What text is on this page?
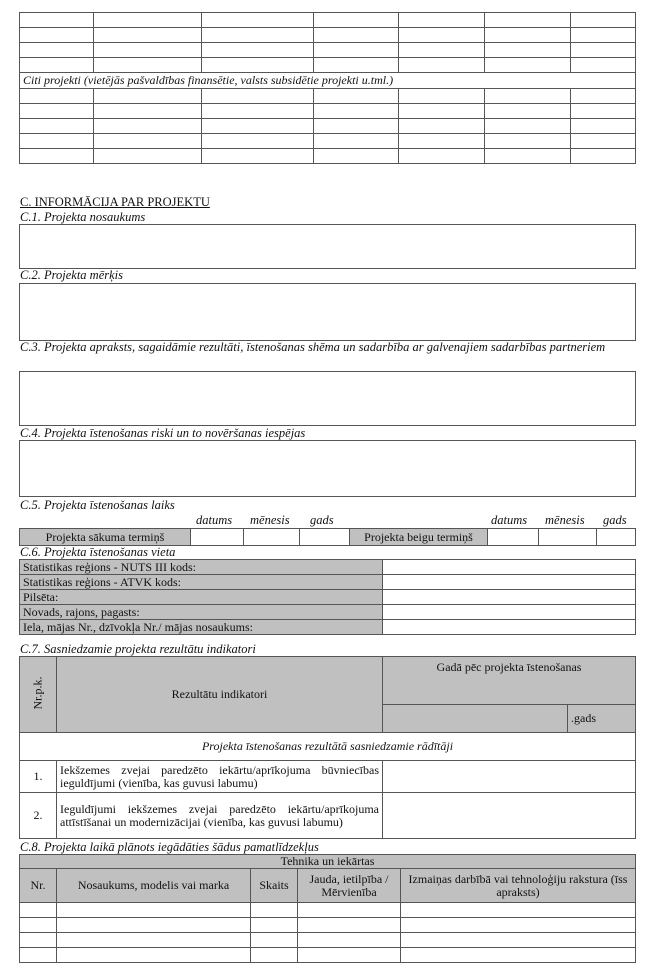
Citi projekti (vietējās pašvaldības finansētie, valsts subsidētie projekti u.tml.)						

C. INFORMĀCIJA PAR PROJEKTU
C.1. Projekta nosaukums
C.2. Projekta mērķis
C.3. Projekta apraksts, sagaidāmie rezultāti, īstenošanas shēma un sadarbība ar galvenajiem sadarbības partneriem
C.4. Projekta īstenošanas riski un to novēršanas iespējas
C.5. Projekta īstenošanas laiks
datums mēnesis gads	datums mēnesis gads
Projekta sākuma termiņš				Projekta beigu termiņš			
C.6. Projekta īstenošanas vieta
Statistikas reģions - NUTS III kods:	
Statistikas reģions - ATVK kods:	
Pilsēta:	
Novads, rajons, pagasts:	
Iela, mājas Nr., dzīvokļa Nr./ mājas nosaukums:	
C.7. Sasniedzamie projekta rezultātu indikatori
Nr.p.k.	Rezultātu indikatori	Gadā pēc projekta īstenošanas	
			.gads
Projekta īstenošanas rezultātā sasniedzamie rādītāji			
1.	Iekšzemes zvejai paredzēto iekārtu/aprīkojuma būvniecības ieguldījumi (vienība, kas guvusi labumu)		
2.	Ieguldījumi iekšzemes zvejai paredzēto iekārtu/aprīkojuma attīstīšanai un modernizācijai (vienība, kas guvusi labumu)		
C.8. Projekta laikā plānots iegādāties šādus pamatlīdzekļus
Tehnika un iekārtas				
Nr.	Nosaukums, modelis vai marka	Skaits	Jauda, ietilpība / Mērvienība	Izmaiņas darbībā vai tehnoloģiju rakstura (īss apraksts)
